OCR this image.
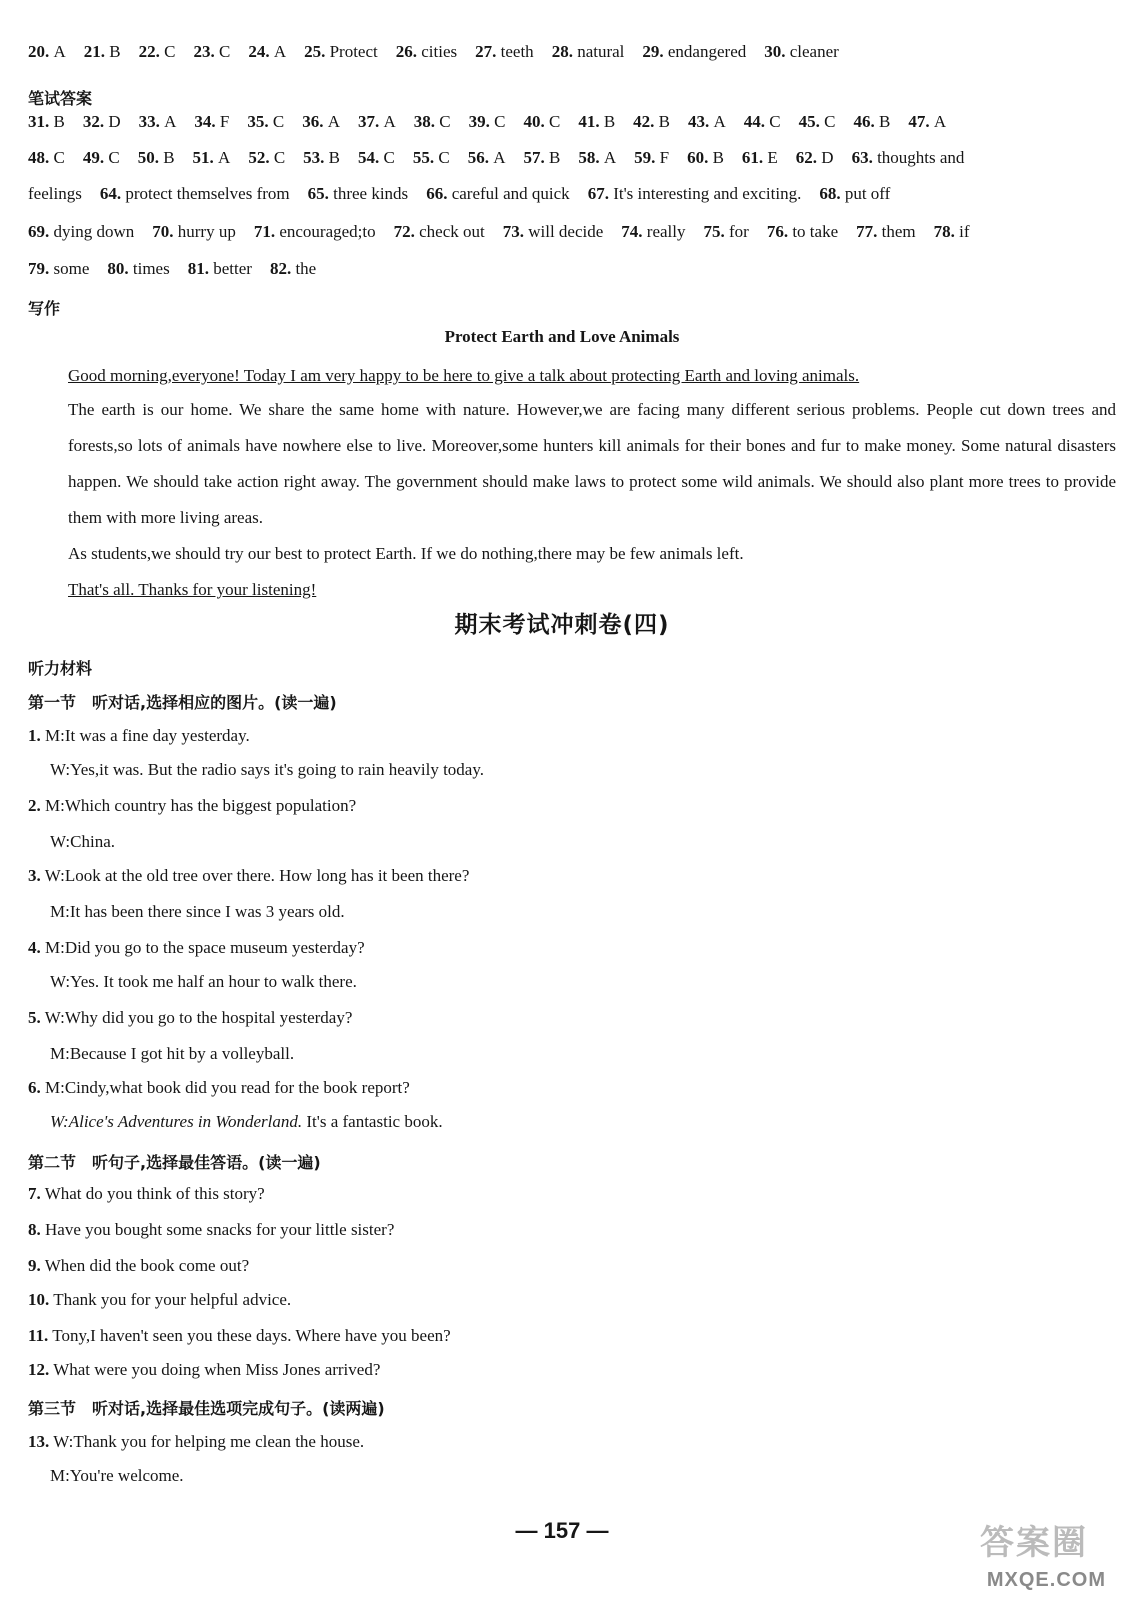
20. A 21. B 22. C 23. C 24. A 25. Protect 26. cities 27. teeth 28. natural 29. endangered 30. cleaner
笔试答案
31. B 32. D 33. A 34. F 35. C 36. A 37. A 38. C 39. C 40. C 41. B 42. B 43. A 44. C 45. C 46. B 47. A
48. C 49. C 50. B 51. A 52. C 53. B 54. C 55. C 56. A 57. B 58. A 59. F 60. B 61. E 62. D 63. thoughts and
feelings 64. protect themselves from 65. three kinds 66. careful and quick 67. It's interesting and exciting. 68. put off
69. dying down 70. hurry up 71. encouraged;to 72. check out 73. will decide 74. really 75. for 76. to take 77. them 78. if
79. some 80. times 81. better 82. the
写作
Protect Earth and Love Animals
Good morning,everyone! Today I am very happy to be here to give a talk about protecting Earth and loving animals.
The earth is our home. We share the same home with nature. However,we are facing many different serious problems. People cut down trees and forests,so lots of animals have nowhere else to live. Moreover,some hunters kill animals for their bones and fur to make money. Some natural disasters happen. We should take action right away. The government should make laws to protect some wild animals. We should also plant more trees to provide them with more living areas.
As students,we should try our best to protect Earth. If we do nothing,there may be few animals left.
That's all. Thanks for your listening!
期末考试冲刺卷(四)
听力材料
第一节　听对话,选择相应的图片。(读一遍)
1. M:It was a fine day yesterday.
W:Yes,it was. But the radio says it's going to rain heavily today.
2. M:Which country has the biggest population?
W:China.
3. W:Look at the old tree over there. How long has it been there?
M:It has been there since I was 3 years old.
4. M:Did you go to the space museum yesterday?
W:Yes. It took me half an hour to walk there.
5. W:Why did you go to the hospital yesterday?
M:Because I got hit by a volleyball.
6. M:Cindy,what book did you read for the book report?
W:Alice's Adventures in Wonderland. It's a fantastic book.
第二节　听句子,选择最佳答语。(读一遍)
7. What do you think of this story?
8. Have you bought some snacks for your little sister?
9. When did the book come out?
10. Thank you for your helpful advice.
11. Tony,I haven't seen you these days. Where have you been?
12. What were you doing when Miss Jones arrived?
第三节　听对话,选择最佳选项完成句子。(读两遍)
13. W:Thank you for helping me clean the house.
M:You're welcome.
— 157 —	答案圈
MXQE.COM
